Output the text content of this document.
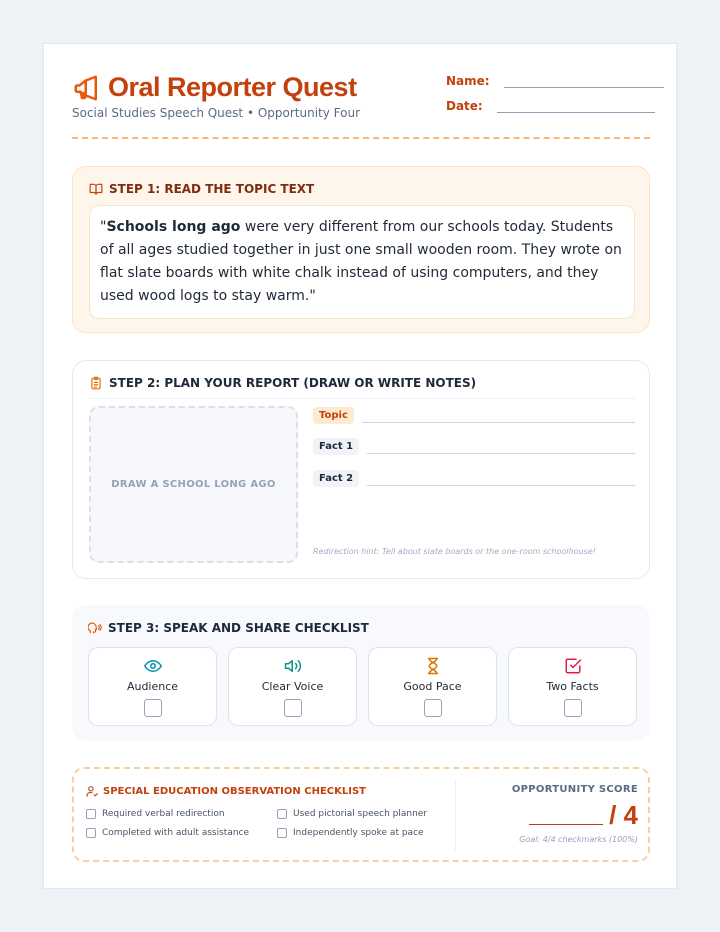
Oral Reporter Quest
Social Studies Speech Quest • Opportunity Four
Name:
Date:
STEP 1: READ THE TOPIC TEXT
"Schools long ago were very different from our schools today. Students of all ages studied together in just one small wooden room. They wrote on flat slate boards with white chalk instead of using computers, and they used wood logs to stay warm."
STEP 2: PLAN YOUR REPORT (DRAW OR WRITE NOTES)
DRAW A SCHOOL LONG AGO
Topic
Fact 1
Fact 2
Redirection hint: Tell about slate boards or the one-room schoolhouse!
STEP 3: SPEAK AND SHARE CHECKLIST
Audience	Clear Voice	Good Pace	Two Facts
SPECIAL EDUCATION OBSERVATION CHECKLIST
Required verbal redirection	Used pictorial speech planner
Completed with adult assistance	Independently spoke at pace
OPPORTUNITY SCORE
/ 4
Goal: 4/4 checkmarks (100%)
